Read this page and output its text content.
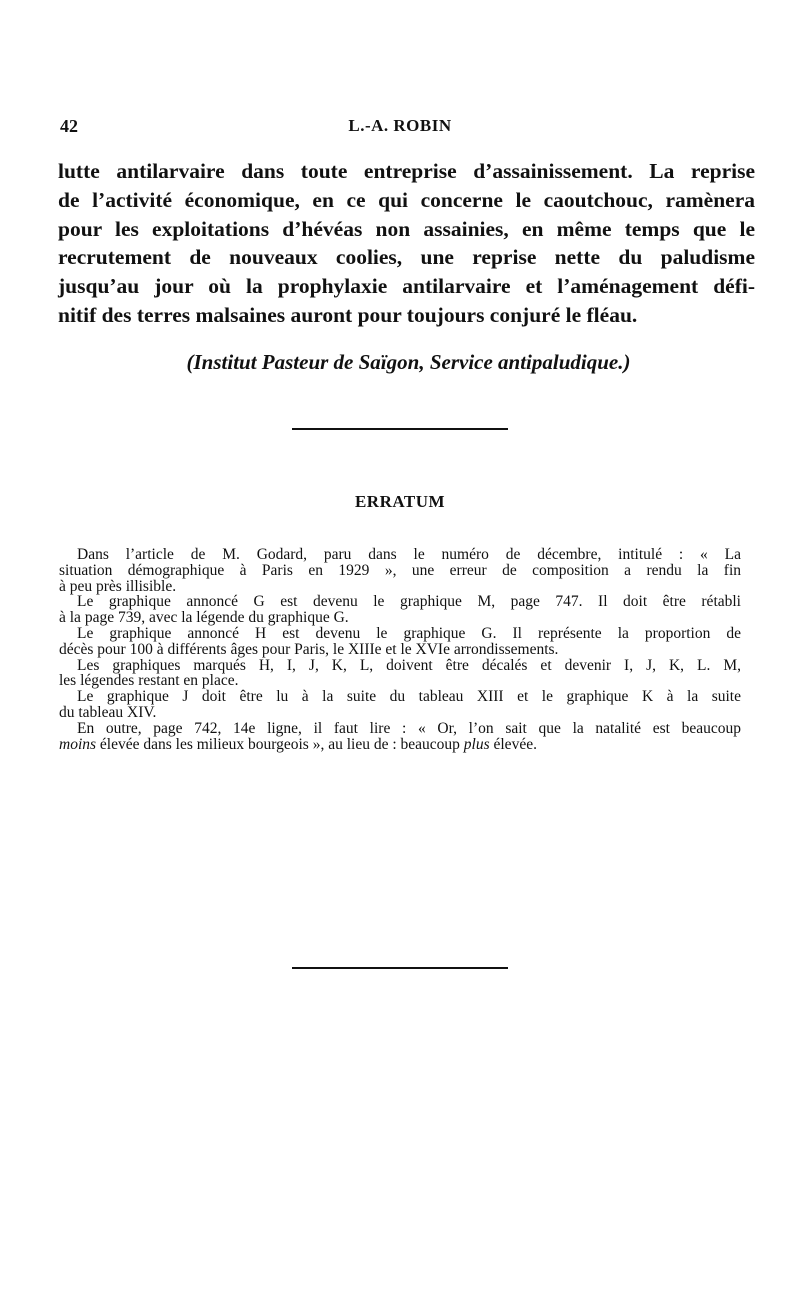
42	L.-A. ROBIN
lutte antilarvaire dans toute entreprise d’assainissement. La reprise
de l’activité économique, en ce qui concerne le caoutchouc, ramènera
pour les exploitations d’hévéas non assainies, en même temps que le
recrutement de nouveaux coolies, une reprise nette du paludisme
jusqu’au jour où la prophylaxie antilarvaire et l’aménagement défi-
nitif des terres malsaines auront pour toujours conjuré le fléau.
(Institut Pasteur de Saïgon, Service antipaludique.)
ERRATUM
Dans l’article de M. Godard, paru dans le numéro de décembre, intitulé : « La
situation démographique à Paris en 1929 », une erreur de composition a rendu la fin
à peu près illisible.
Le graphique annoncé G est devenu le graphique M, page 747. Il doit être rétabli
à la page 739, avec la légende du graphique G.
Le graphique annoncé H est devenu le graphique G. Il représente la proportion de
décès pour 100 à différents âges pour Paris, le XIIIe et le XVIe arrondissements.
Les graphiques marqués H, I, J, K, L, doivent être décalés et devenir I, J, K, L. M,
les légendes restant en place.
Le graphique J doit être lu à la suite du tableau XIII et le graphique K à la suite
du tableau XIV.
En outre, page 742, 14e ligne, il faut lire : « Or, l’on sait que la natalité est beaucoup
moins élevée dans les milieux bourgeois », au lieu de : beaucoup plus élevée.
